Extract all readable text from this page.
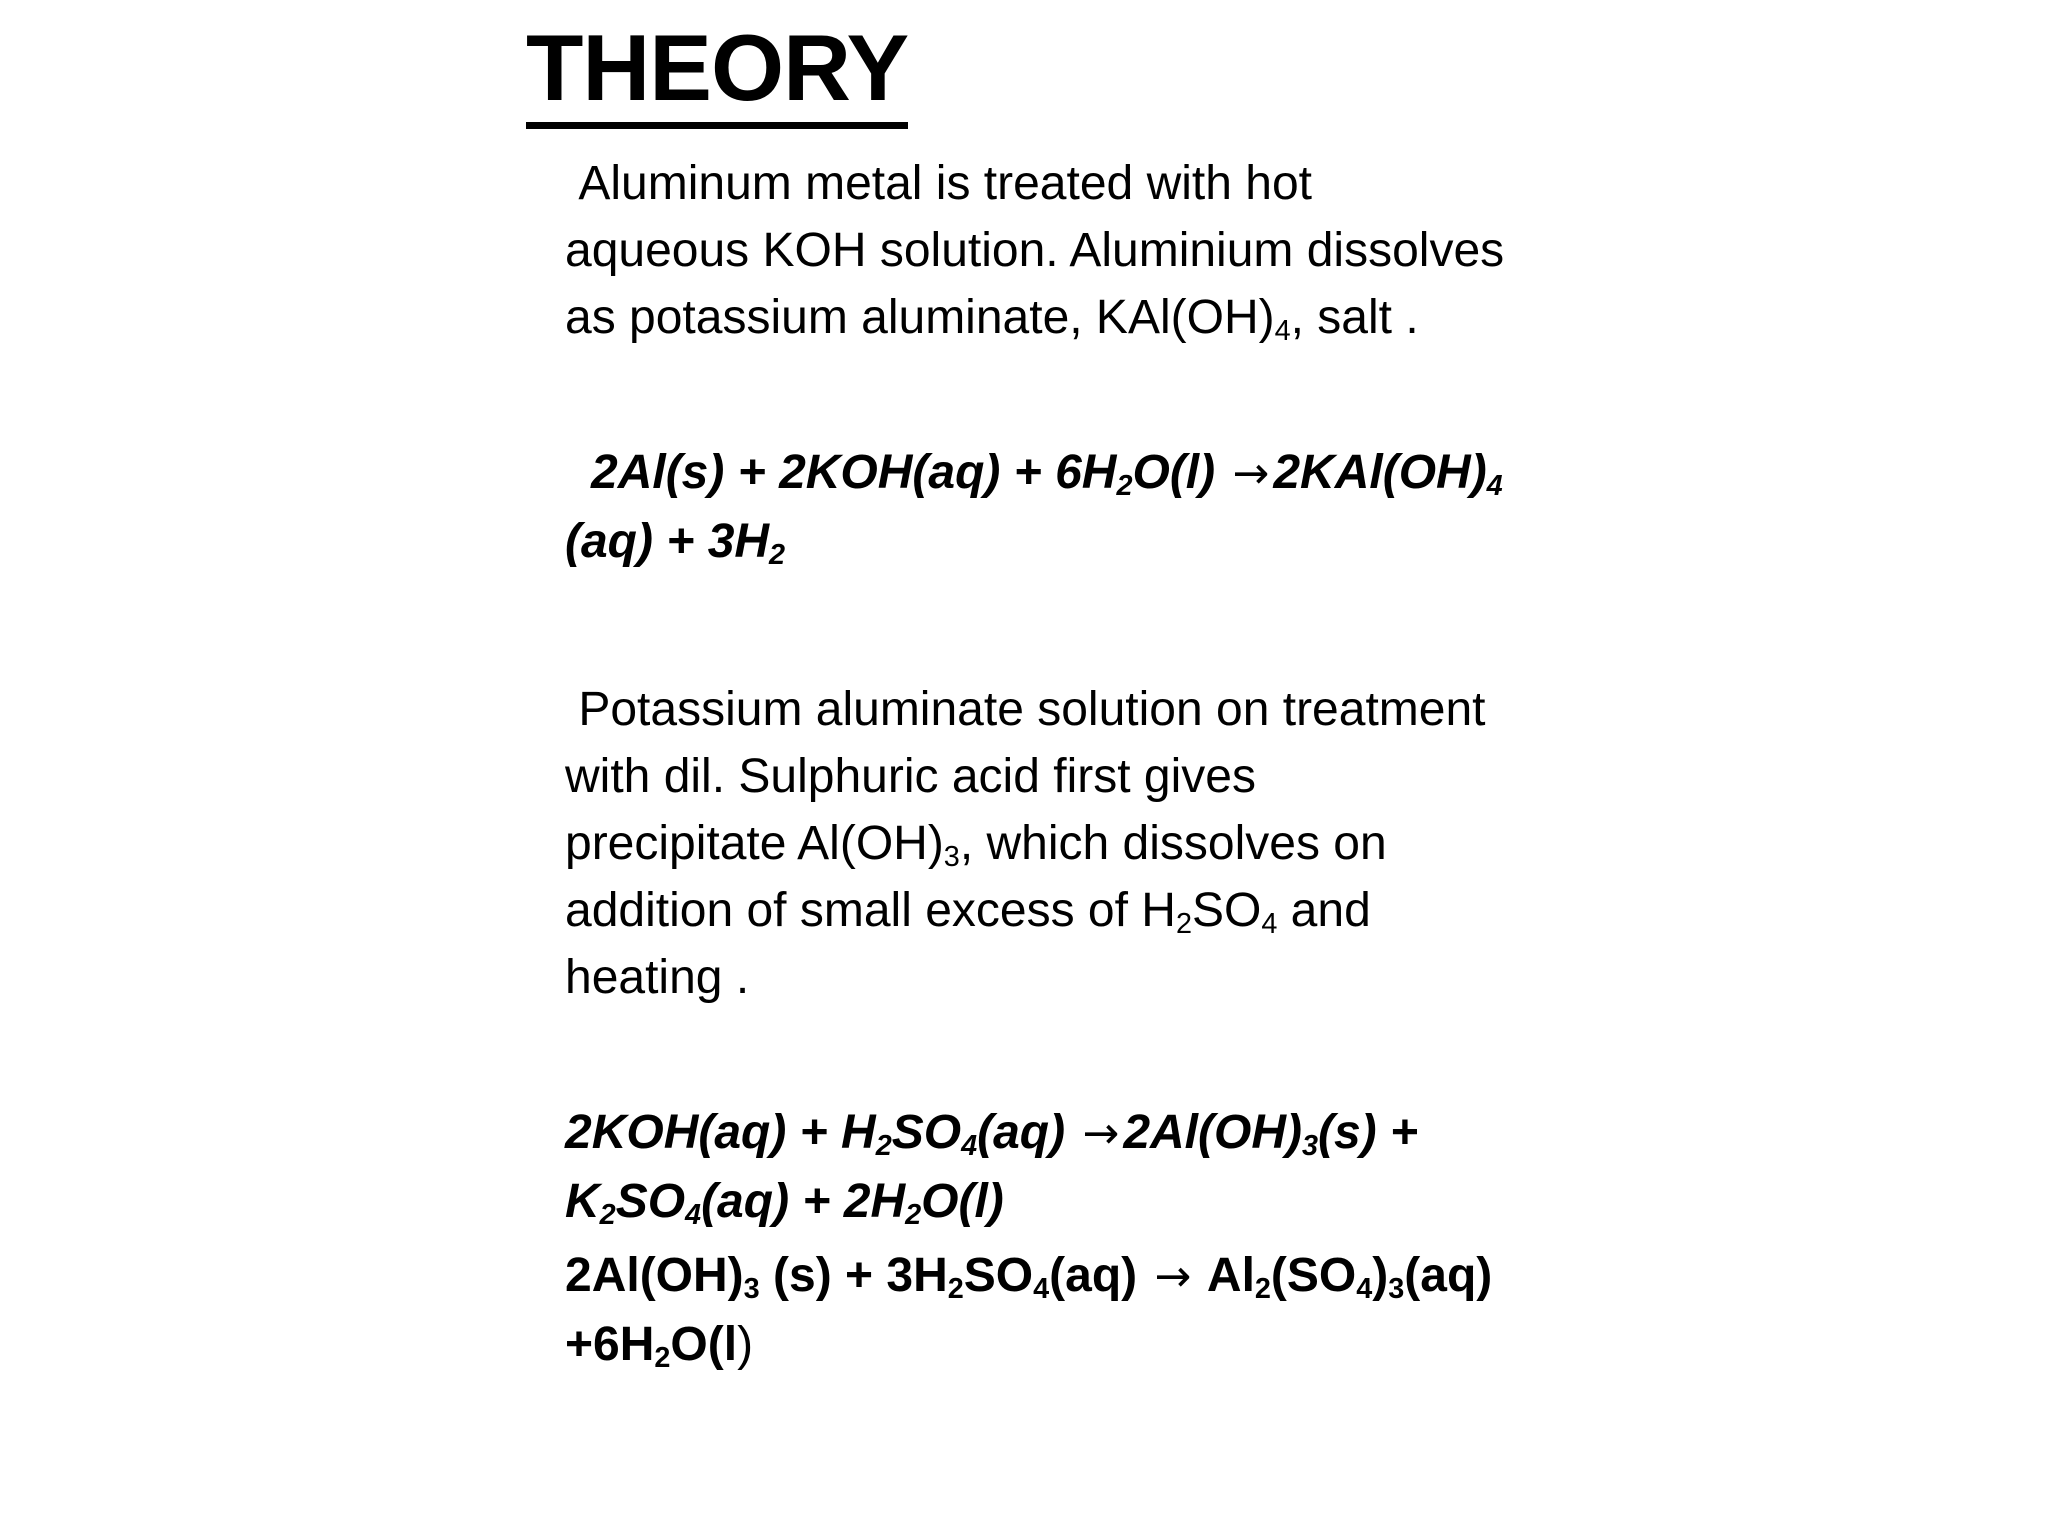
THEORY

Aluminum metal is treated with hot

aqueous KOH solution. Aluminium dissolves

as potassium aluminate, $KAl(OH)_4$, salt .

$2Al(s) + 2KOH(aq) + 6H_2O(l) \to 2KAl(OH)_4$

$(aq) + 3H_2$

Potassium aluminate solution on treatment

with dil. Sulphuric acid first gives

precipitate $Al(OH)_3$, which dissolves on

addition of small excess of $H_2SO_4$ and

heating .

$2KOH(aq) + H_2SO_4(aq) \to 2Al(OH)_3(s)$ +

$K_2SO_4(aq) + 2H_2O(l)$

$2Al(OH)_3$ $(s) + 3H_2SO_4(aq) \to Al_2(SO_4)_3(aq)$

$+6H_2O(l)$
